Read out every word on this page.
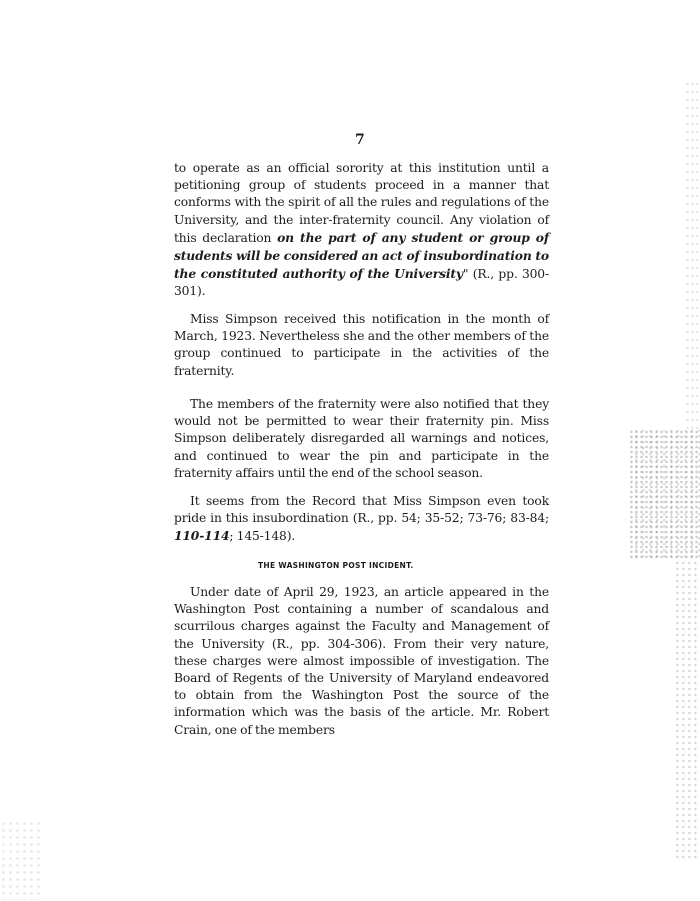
7
to operate as an official sorority at this institution until a petitioning group of students proceed in a manner that conforms with the spirit of all the rules and regulations of the University, and the inter-fraternity council. Any violation of this declaration on the part of any student or group of students will be considered an act of insubordination to the constituted authority of the University" (R., pp. 300-301).
Miss Simpson received this notification in the month of March, 1923. Nevertheless she and the other members of the group continued to participate in the activities of the fraternity.
The members of the fraternity were also notified that they would not be permitted to wear their fraternity pin. Miss Simpson deliberately disregarded all warnings and notices, and continued to wear the pin and participate in the fraternity affairs until the end of the school season.
It seems from the Record that Miss Simpson even took pride in this insubordination (R., pp. 54; 35-52; 73-76; 83-84; 110-114; 145-148).
THE WASHINGTON POST INCIDENT.
Under date of April 29, 1923, an article appeared in the Washington Post containing a number of scandalous and scurrilous charges against the Faculty and Management of the University (R., pp. 304-306). From their very nature, these charges were almost impossible of investigation. The Board of Regents of the University of Maryland endeavored to obtain from the Washington Post the source of the information which was the basis of the article. Mr. Robert Crain, one of the members
